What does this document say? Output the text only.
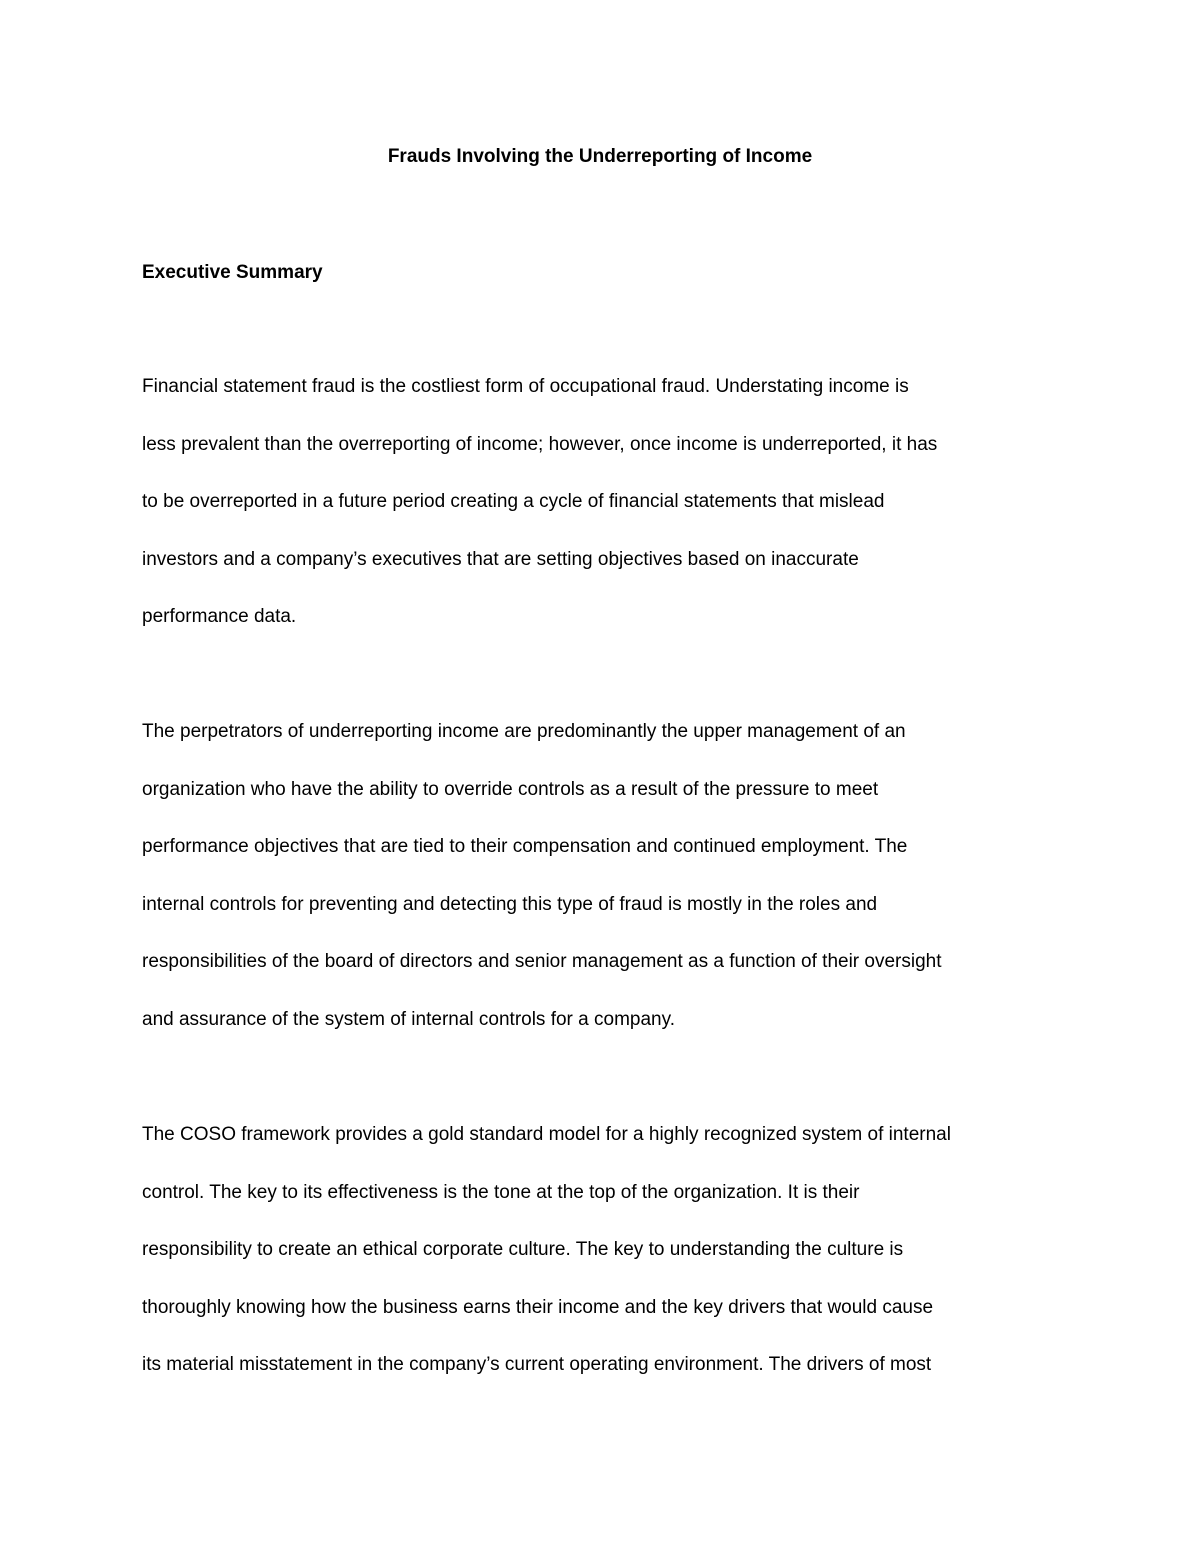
Frauds Involving the Underreporting of Income
Executive Summary

Financial statement fraud is the costliest form of occupational fraud. Understating income is
less prevalent than the overreporting of income; however, once income is underreported, it has
to be overreported in a future period creating a cycle of financial statements that mislead
investors and a company’s executives that are setting objectives based on inaccurate
performance data.

The perpetrators of underreporting income are predominantly the upper management of an
organization who have the ability to override controls as a result of the pressure to meet
performance objectives that are tied to their compensation and continued employment. The
internal controls for preventing and detecting this type of fraud is mostly in the roles and
responsibilities of the board of directors and senior management as a function of their oversight
and assurance of the system of internal controls for a company.

The COSO framework provides a gold standard model for a highly recognized system of internal
control. The key to its effectiveness is the tone at the top of the organization. It is their
responsibility to create an ethical corporate culture. The key to understanding the culture is
thoroughly knowing how the business earns their income and the key drivers that would cause
its material misstatement in the company’s current operating environment. The drivers of most
